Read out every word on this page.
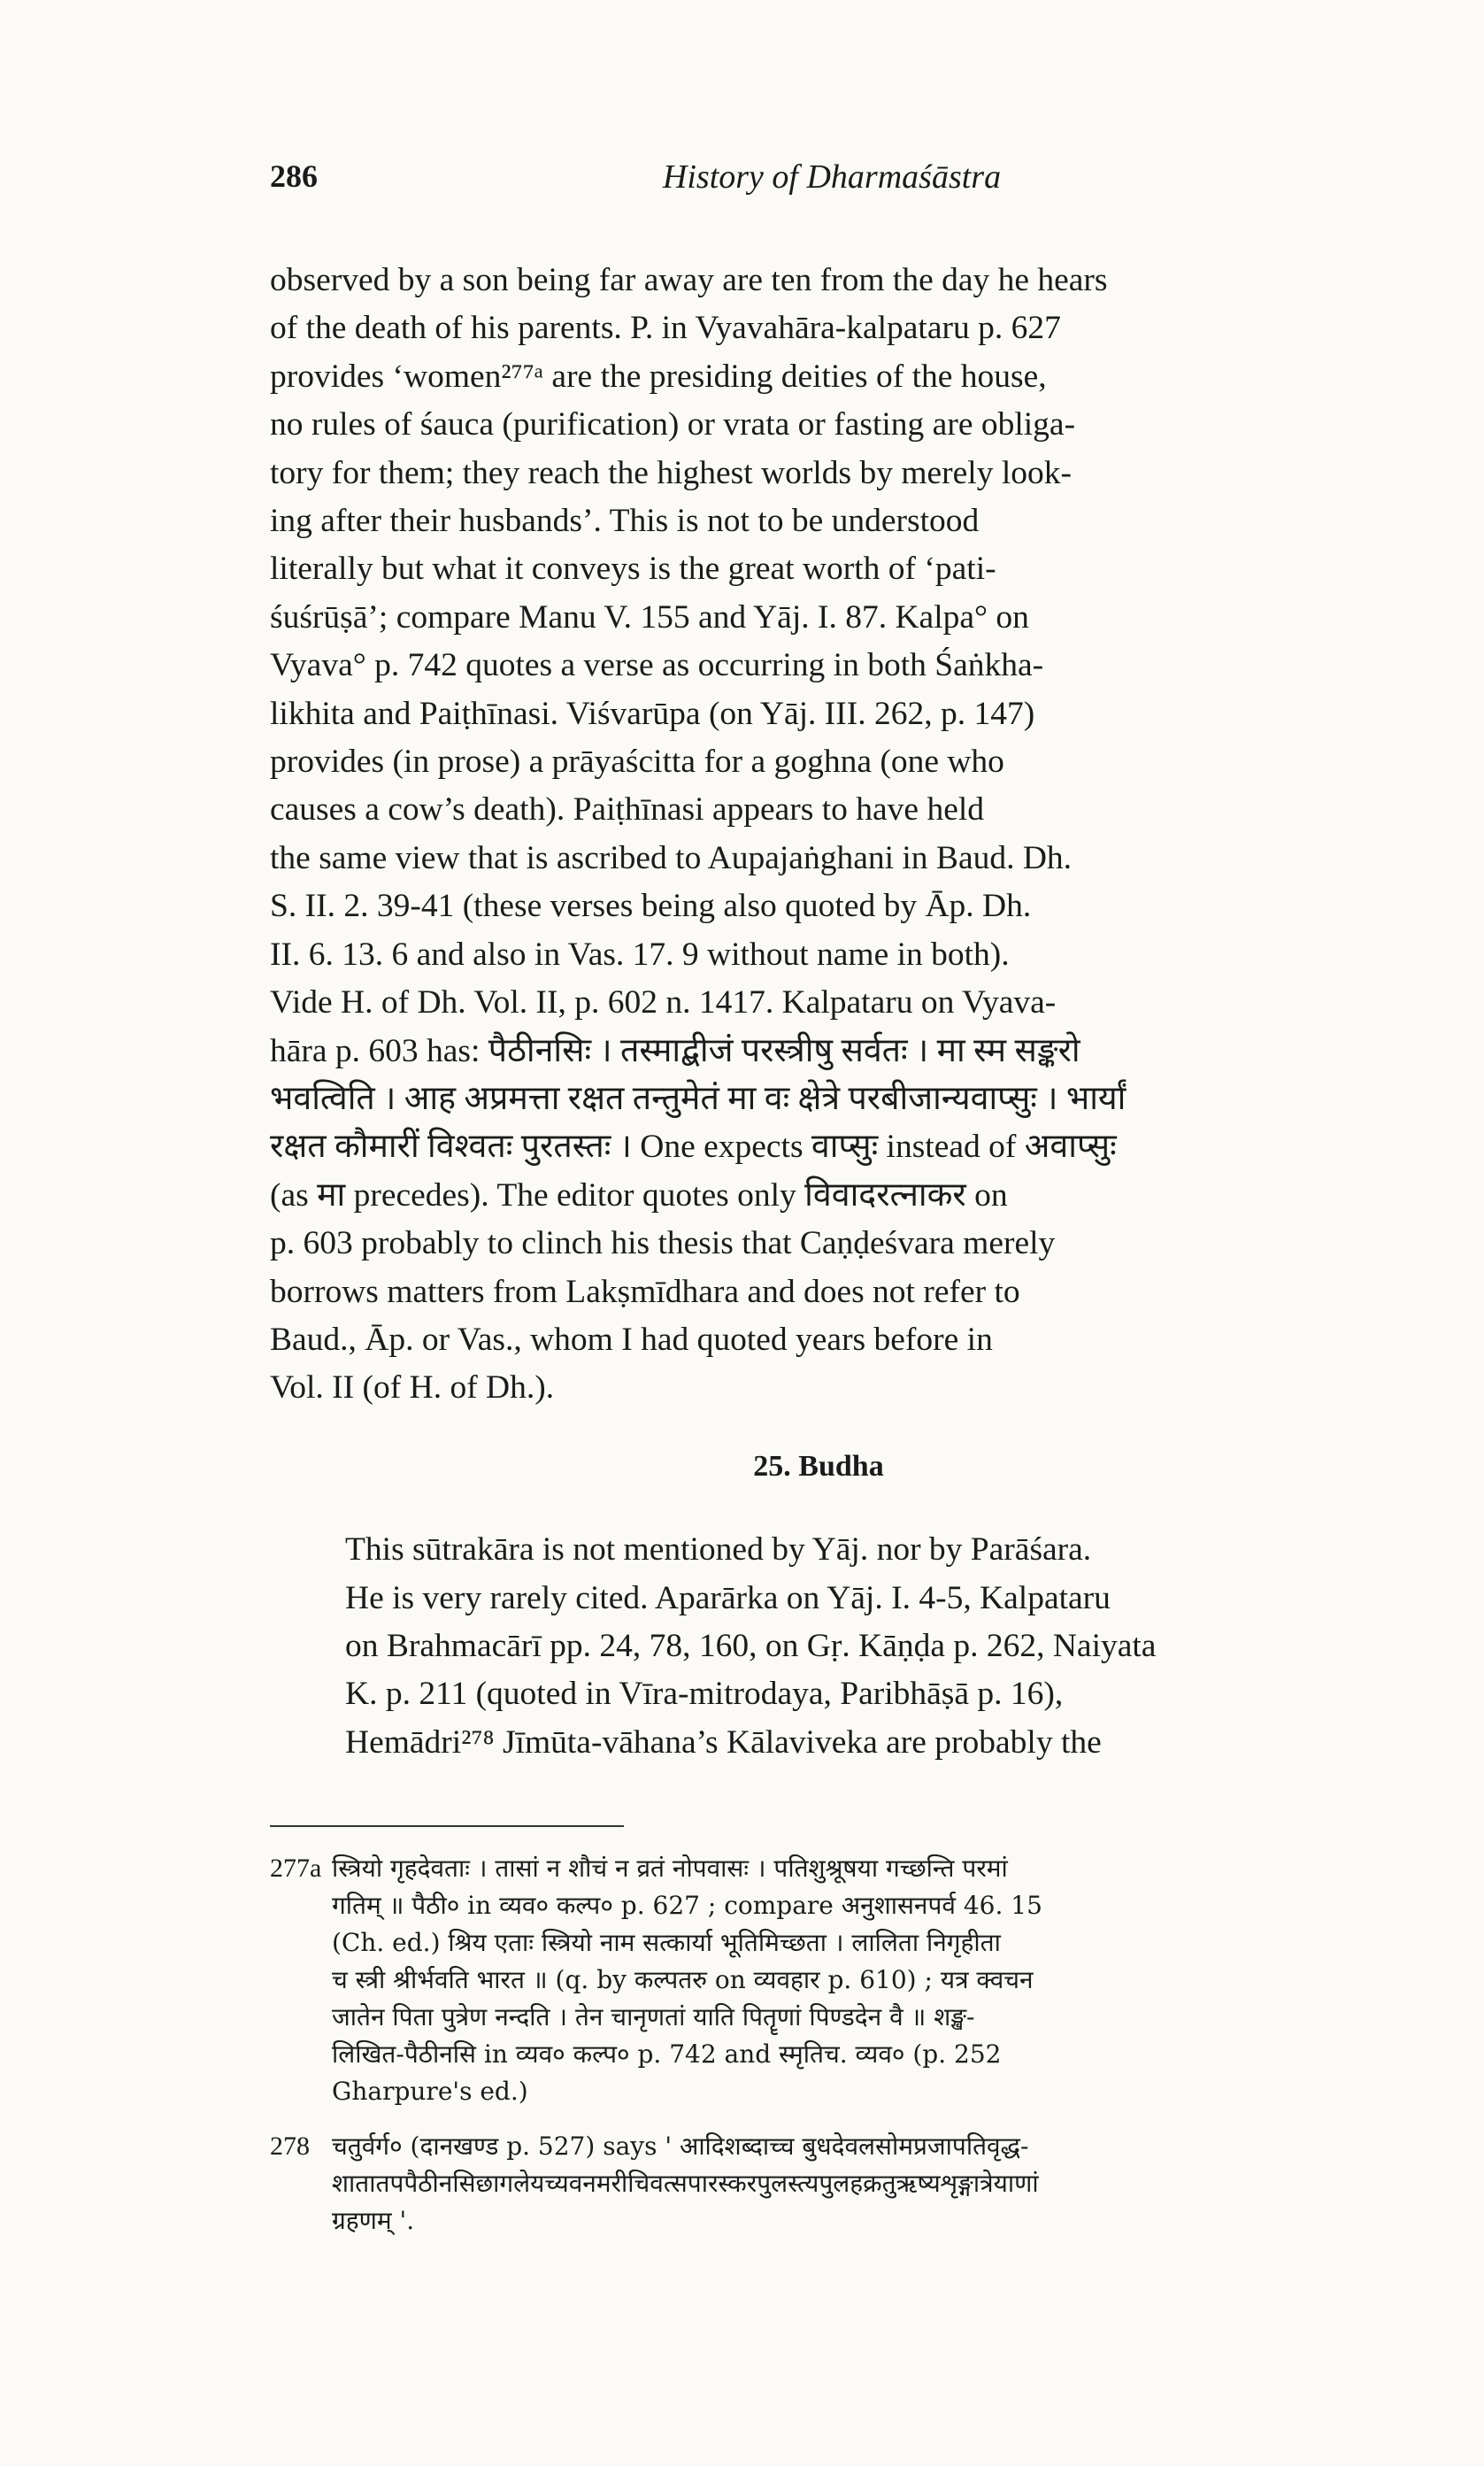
286	History of Dharmaśāstra

observed by a son being far away are ten from the day he hears
of the death of his parents. P. in Vyavahāra-kalpataru p. 627
provides ‘women²⁷⁷ᵃ are the presiding deities of the house,
no rules of śauca (purification) or vrata or fasting are obliga-
tory for them; they reach the highest worlds by merely look-
ing after their husbands’. This is not to be understood
literally but what it conveys is the great worth of ‘pati-
śuśrūṣā’; compare Manu V. 155 and Yāj. I. 87. Kalpa° on
Vyava° p. 742 quotes a verse as occurring in both Śaṅkha-
likhita and Paiṭhīnasi. Viśvarūpa (on Yāj. III. 262, p. 147)
provides (in prose) a prāyaścitta for a goghna (one who
causes a cow’s death). Paiṭhīnasi appears to have held
the same view that is ascribed to Aupajaṅghani in Baud. Dh.
S. II. 2. 39-41 (these verses being also quoted by Āp. Dh.
II. 6. 13. 6 and also in Vas. 17. 9 without name in both).
Vide H. of Dh. Vol. II, p. 602 n. 1417. Kalpataru on Vyava-
hāra p. 603 has: पैठीनसिः । तस्माद्बीजं परस्त्रीषु सर्वतः । मा स्म सङ्करो
भवत्विति । आह अप्रमत्ता रक्षत तन्तुमेतं मा वः क्षेत्रे परबीजान्यवाप्सुः । भार्यां
रक्षत कौमारीं विश्वतः पुरतस्तः । One expects वाप्सुः instead of अवाप्सुः
(as मा precedes). The editor quotes only विवादरत्नाकर on
p. 603 probably to clinch his thesis that Caṇḍeśvara merely
borrows matters from Lakṣmīdhara and does not refer to
Baud., Āp. or Vas., whom I had quoted years before in
Vol. II (of H. of Dh.).

25. Budha

This sūtrakāra is not mentioned by Yāj. nor by Parāśara.
He is very rarely cited. Aparārka on Yāj. I. 4-5, Kalpataru
on Brahmacārī pp. 24, 78, 160, on Gṛ. Kāṇḍa p. 262, Naiyata
K. p. 211 (quoted in Vīra-mitrodaya, Paribhāṣā p. 16),
Hemādri²⁷⁸ Jīmūta-vāhana’s Kālaviveka are probably the

277a स्त्रियो गृहदेवताः । तासां न शौचं न व्रतं नोपवासः । पतिशुश्रूषया गच्छन्ति परमां
गतिम् ॥ पैठी० in व्यव० कल्प० p. 627 ; compare अनुशासनपर्व 46. 15
(Ch. ed.) श्रिय एताः स्त्रियो नाम सत्कार्या भूतिमिच्छता । लालिता निगृहीता
च स्त्री श्रीर्भवति भारत ॥ (q. by कल्पतरु on व्यवहार p. 610) ; यत्र क्वचन
जातेन पिता पुत्रेण नन्दति । तेन चानृणतां याति पितॄणां पिण्डदेन वै ॥ शङ्ख-
लिखित-पैठीनसि in व्यव० कल्प० p. 742 and स्मृतिच. व्यव० (p. 252
Gharpure's ed.)
278 चतुर्वर्ग० (दानखण्ड p. 527) says ' आदिशब्दाच्च बुधदेवलसोमप्रजापतिवृद्ध-
शातातपपैठीनसिछागलेयच्यवनमरीचिवत्सपारस्करपुलस्त्यपुलहक्रतुऋष्यशृङ्गात्रेयाणां
ग्रहणम् '.
